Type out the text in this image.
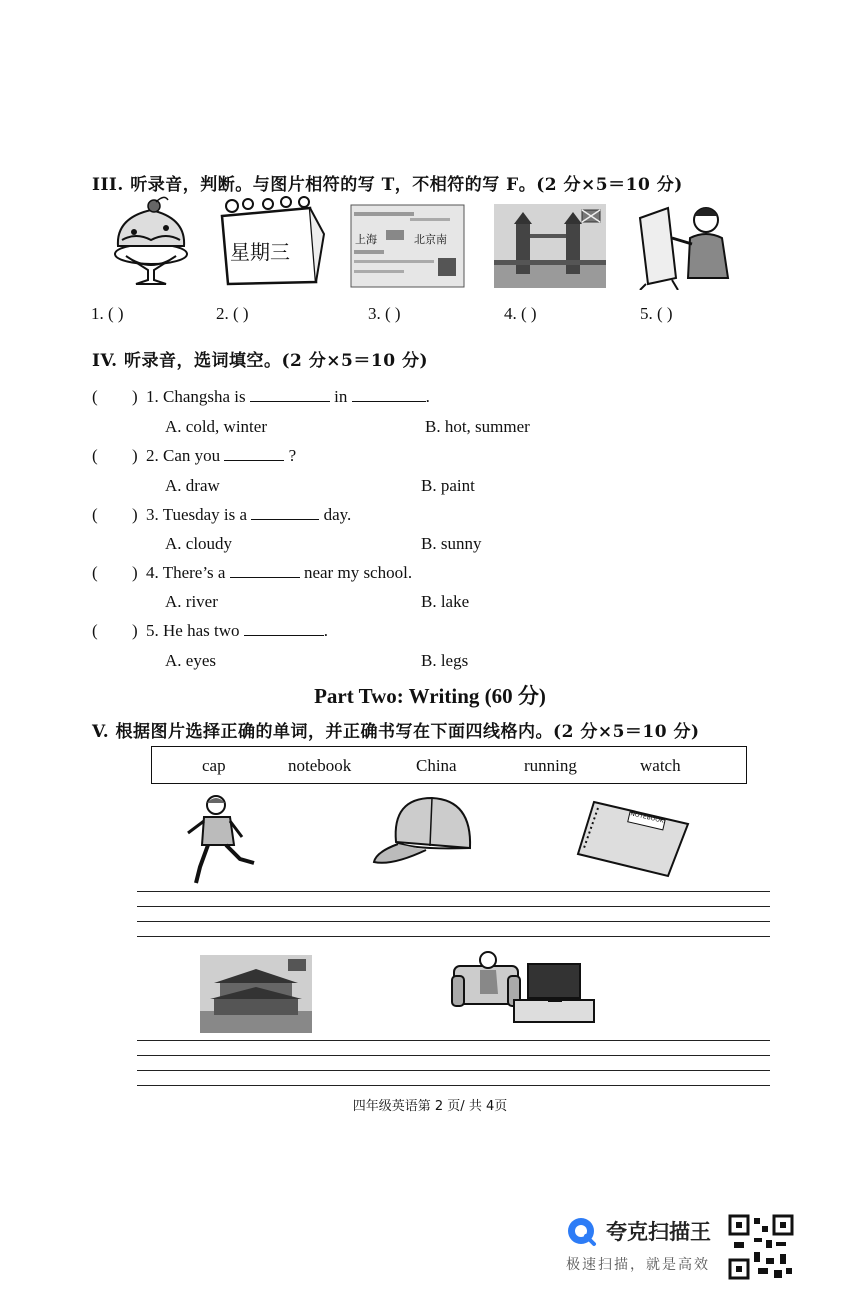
III. 听录音，判断。与图片相符的写 T，不相符的写 F。(2 分×5＝10 分)
星期三
上海	北京南
1. ( )	2. ( )	3. ( )	4. ( )	5. ( )
IV. 听录音，选词填空。(2 分×5＝10 分)
( ) 1. Changsha is	in	.
A. cold, winter	B. hot, summer
( ) 2. Can you	?
A. draw	B. paint
( ) 3. Tuesday is a	day.
A. cloudy	B. sunny
( ) 4. There’s a	near my school.
A. river	B. lake
( ) 5. He has two	.
A. eyes	B. legs
Part Two: Writing (60 分)
V. 根据图片选择正确的单词，并正确书写在下面四线格内。(2 分×5＝10 分)
cap	notebook	China	running	watch
NOTEBOOK
四年级英语第 2 页/ 共 4页
夸克扫描王
极速扫描，就是高效
